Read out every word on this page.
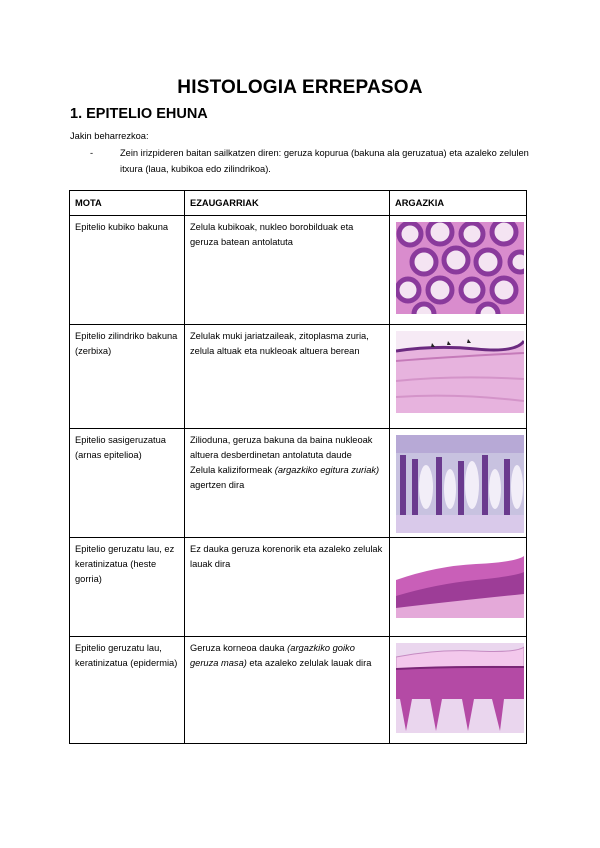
HISTOLOGIA ERREPASOA
1. EPITELIO EHUNA
Jakin beharrezkoa:
-	Zein irizpideren baitan sailkatzen diren: geruza kopurua (bakuna ala geruzatua) eta azaleko zelulen itxura (laua, kubikoa edo zilindrikoa).
MOTA	EZAUGARRIAK	ARGAZKIA
Epitelio kubiko bakuna	Zelula kubikoak, nukleo borobilduak eta geruza batean antolatuta	

Epitelio zilindriko bakuna (zerbixa)	Zelulak muki jariatzaileak, zitoplasma zuria, zelula altuak eta nukleoak altuera berean	

Epitelio sasigeruzatua (arnas epitelioa)	Zilioduna, geruza bakuna da baina nukleoak altuera desberdinetan antolatuta daude
Zelula kaliziformeak (argazkiko egitura zuriak) agertzen dira	

Epitelio geruzatu lau, ez keratinizatua (heste gorria)	Ez dauka geruza korenorik eta azaleko zelulak lauak dira	

Epitelio geruzatu lau, keratinizatua (epidermia)	Geruza korneoa dauka (argazkiko goiko geruza masa) eta azaleko zelulak lauak dira	
